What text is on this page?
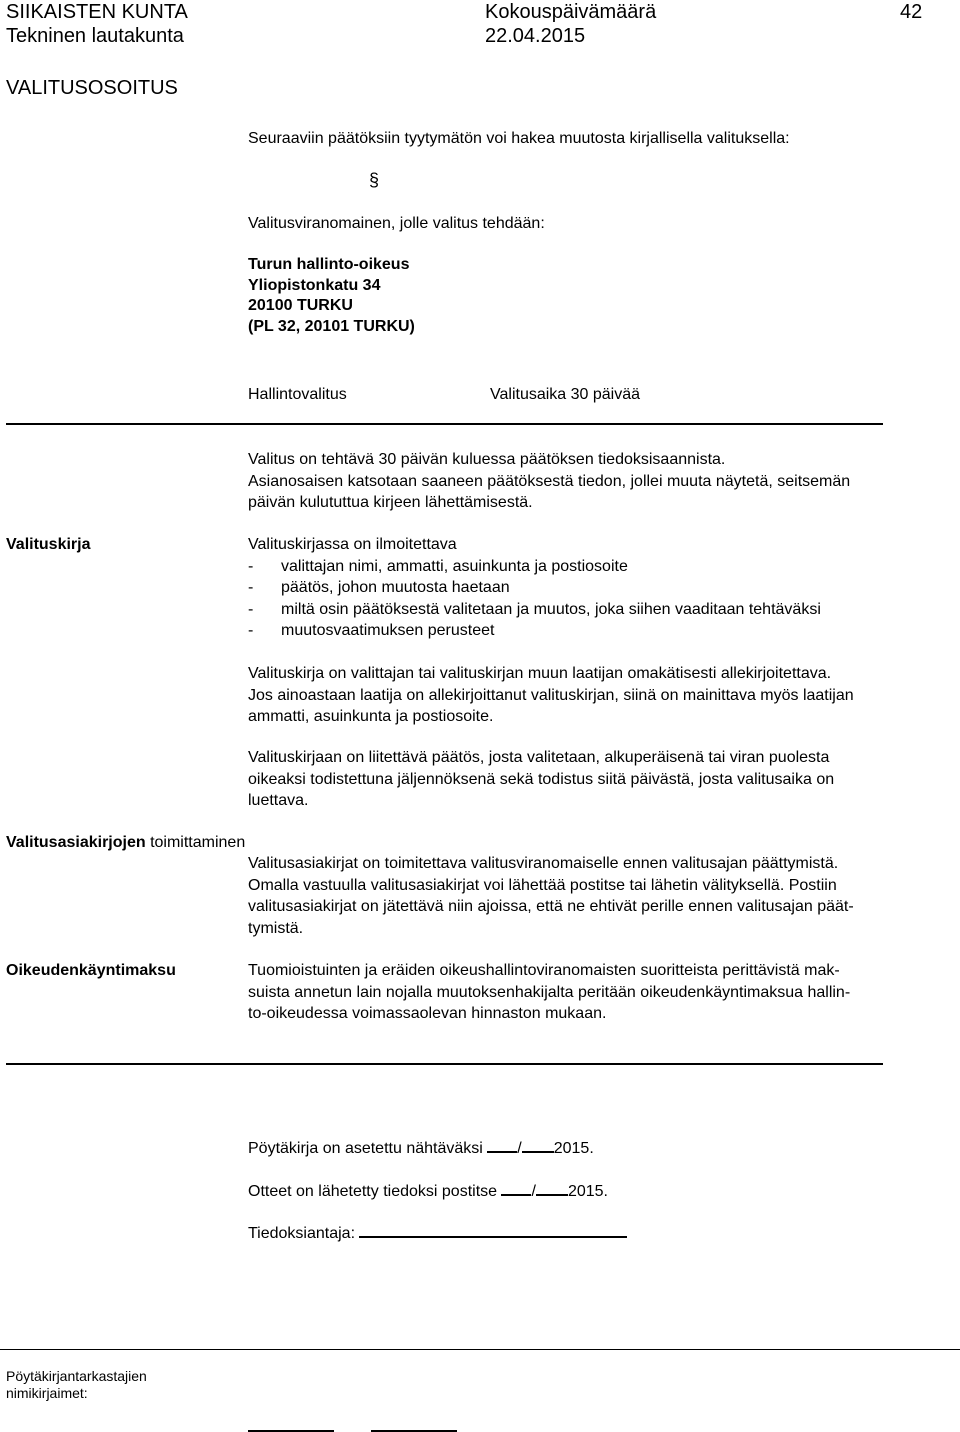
SIIKAISTEN KUNTA	Kokouspäivämäärä	42
Tekninen lautakunta	22.04.2015
VALITUSOSOITUS
Seuraaviin päätöksiin tyytymätön voi hakea muutosta kirjallisella valituksella:
§
Valitusviranomainen, jolle valitus tehdään:
Turun hallinto-oikeus
Yliopistonkatu 34
20100 TURKU
(PL 32, 20101 TURKU)
Hallintovalitus	Valitusaika 30 päivää
Valitus on tehtävä 30 päivän kuluessa päätöksen tiedoksisaannista.
Asianosaisen katsotaan saaneen päätöksestä tiedon, jollei muuta näytetä, seitsemän
päivän kulututtua kirjeen lähettämisestä.
Valituskirja	Valituskirjassa on ilmoitettava
- valittajan nimi, ammatti, asuinkunta ja postiosoite
- päätös, johon muutosta haetaan
- miltä osin päätöksestä valitetaan ja muutos, joka siihen vaaditaan tehtäväksi
- muutosvaatimuksen perusteet
Valituskirja on valittajan tai valituskirjan muun laatijan omakätisesti allekirjoitettava.
Jos ainoastaan laatija on allekirjoittanut valituskirjan, siinä on mainittava myös laatijan
ammatti, asuinkunta ja postiosoite.
Valituskirjaan on liitettävä päätös, josta valitetaan, alkuperäisenä tai viran puolesta
oikeaksi todistettuna jäljennöksenä sekä todistus siitä päivästä, josta valitusaika on
luettava.
Valitusasiakirjojen toimittaminen
Valitusasiakirjat on toimitettava valitusviranomaiselle ennen valitusajan päättymistä.
Omalla vastuulla valitusasiakirjat voi lähettää postitse tai lähetin välityksellä. Postiin
valitusasiakirjat on jätettävä niin ajoissa, että ne ehtivät perille ennen valitusajan päät-
tymistä.
Oikeudenkäyntimaksu	Tuomioistuinten ja eräiden oikeushallintoviranomaisten suoritteista perittävistä mak-
suista annetun lain nojalla muutoksenhakijalta peritään oikeudenkäyntimaksua hallin-
to-oikeudessa voimassaolevan hinnaston mukaan.
Pöytäkirja on asetettu nähtäväksi / 2015.
Otteet on lähetetty tiedoksi postitse / 2015.
Tiedoksiantaja:
Pöytäkirjantarkastajien
nimikirjaimet:
